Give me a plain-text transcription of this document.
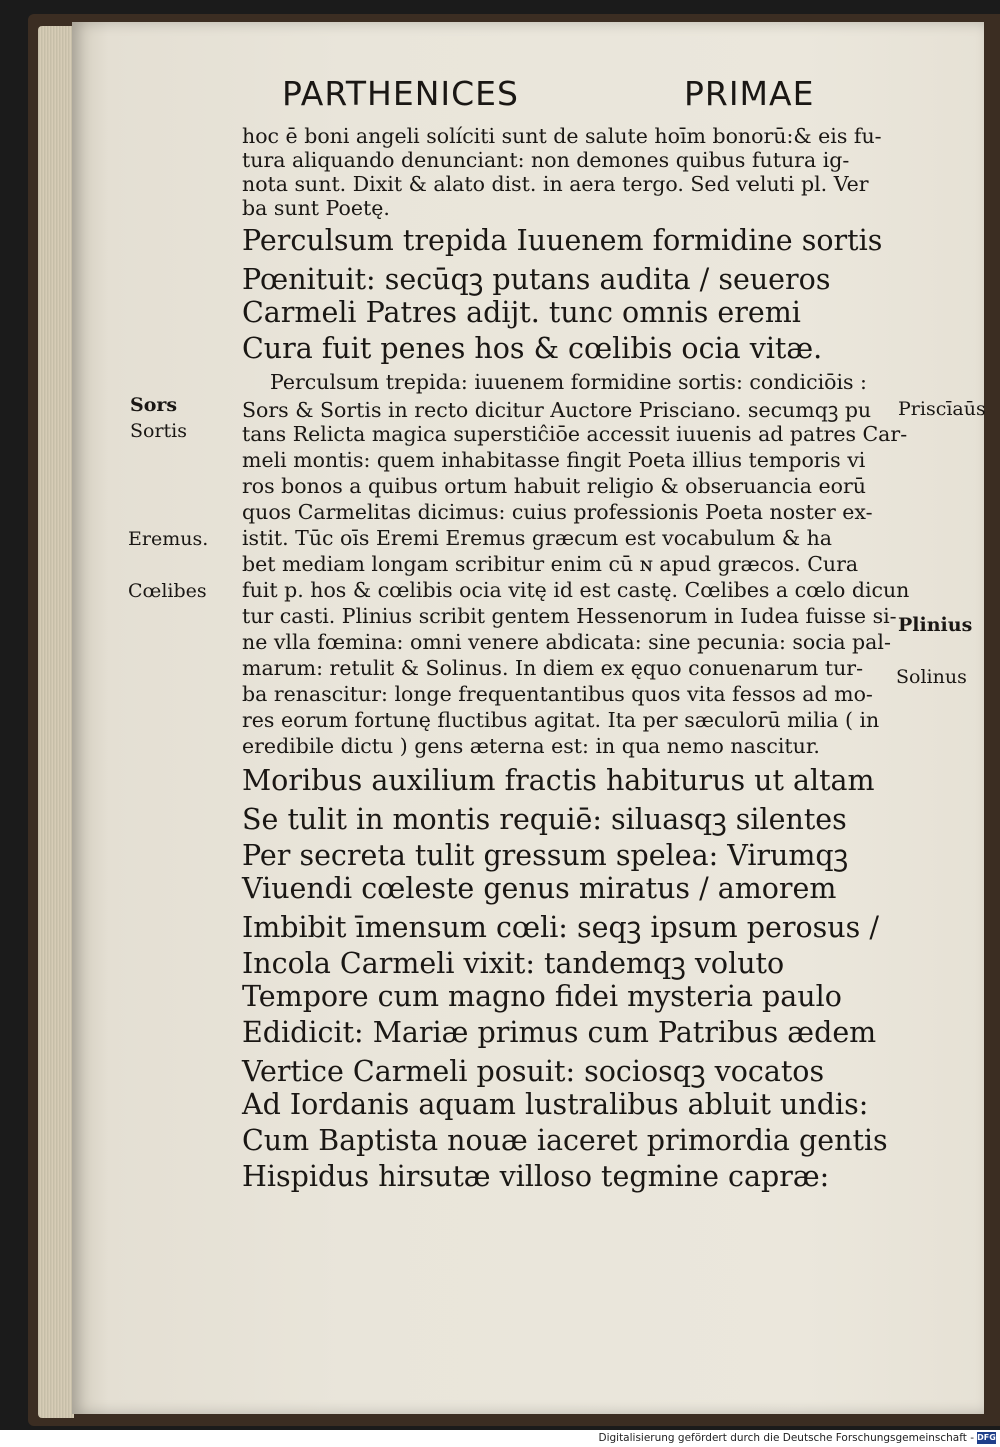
PARTHENICES	PRIMAE
hoc ē boni angeli solíciti sunt de salute hoīm bonorū:& eis fu-
tura aliquando denunciant: non demones quibus futura ig-
nota sunt. Dixit & alato dist. in aera tergo. Sed veluti pl. Ver
ba sunt Poetę.
Perculsum trepida Iuuenem formidine sortis
Pœnituit: secūqꝫ putans audita / seueros
Carmeli Patres adijt. tunc omnis eremi
Cura fuit penes hos & cœlibis ocia vitæ.
Perculsum trepida: iuuenem formidine sortis: condiciōis :
Sors & Sortis in recto dicitur Auctore Prisciano. secumqꝫ pu
tans Relicta magica superstiĉiōe accessit iuuenis ad patres Car-
meli montis: quem inhabitasse fingit Poeta illius temporis vi
ros bonos a quibus ortum habuit religio & obseruancia eorū
quos Carmelitas dicimus: cuius professionis Poeta noster ex-
istit. Tūc oīs Eremi Eremus græcum est vocabulum & ha
bet mediam longam scribitur enim cū ɴ apud græcos. Cura
fuit p. hos & cœlibis ocia vitę id est castę. Cœlibes a cœlo dicun
tur casti. Plinius scribit gentem Hessenorum in Iudea fuisse si-
ne vlla fœmina: omni venere abdicata: sine pecunia: socia pal-
marum: retulit & Solinus. In diem ex ęquo conuenarum tur-
ba renascitur: longe frequentantibus quos vita fessos ad mo-
res eorum fortunę fluctibus agitat. Ita per sæculorū milia ( in
eredibile dictu ) gens æterna est: in qua nemo nascitur.
Moribus auxilium fractis habiturus ut altam
Se tulit in montis requiē: siluasqꝫ silentes
Per secreta tulit gressum spelea: Virumqꝫ
Viuendi cœleste genus miratus / amorem
Imbibit īmensum cœli: seqꝫ ipsum perosus /
Incola Carmeli vixit: tandemqꝫ voluto
Tempore cum magno fidei mysteria paulo
Edidicit: Mariæ primus cum Patribus ædem
Vertice Carmeli posuit: sociosqꝫ vocatos
Ad Iordanis aquam lustralibus abluit undis:
Cum Baptista nouæ iaceret primordia gentis
Hispidus hirsutæ villoso tegmine capræ:
Sors
Sortis
Eremus.
Cœlibes
Priscīaūs
Plinius
Solinus
Digitalisierung gefördert durch die Deutsche Forschungsgemeinschaft - DFG
